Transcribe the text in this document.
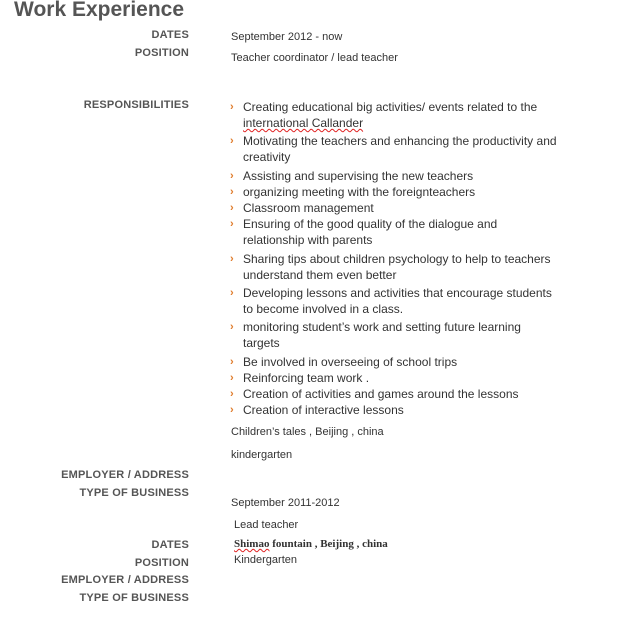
Work Experience
DATES
POSITION
RESPONSIBILITIES
September 2012 - now
Teacher coordinator / lead teacher
› Creating educational big activities/ events related to the
international Callander
› Motivating the teachers and enhancing the productivity and
creativity
› Assisting and supervising the new teachers
› organizing meeting with the foreignteachers
› Classroom management
› Ensuring of the good quality of the dialogue and
relationship with parents
› Sharing tips about children psychology to help to teachers
understand them even better
› Developing lessons and activities that encourage students
to become involved in a class.
› monitoring student’s work and setting future learning
targets
› Be involved in overseeing of school trips
› Reinforcing team work .
› Creation of activities and games around the lessons
› Creation of interactive lessons
Children’s tales , Beijing , china
kindergarten
EMPLOYER / ADDRESS
TYPE OF BUSINESS
September 2011-2012
Lead teacher
DATES	Shimao fountain , Beijing , china
POSITION	Kindergarten
EMPLOYER / ADDRESS
TYPE OF BUSINESS
